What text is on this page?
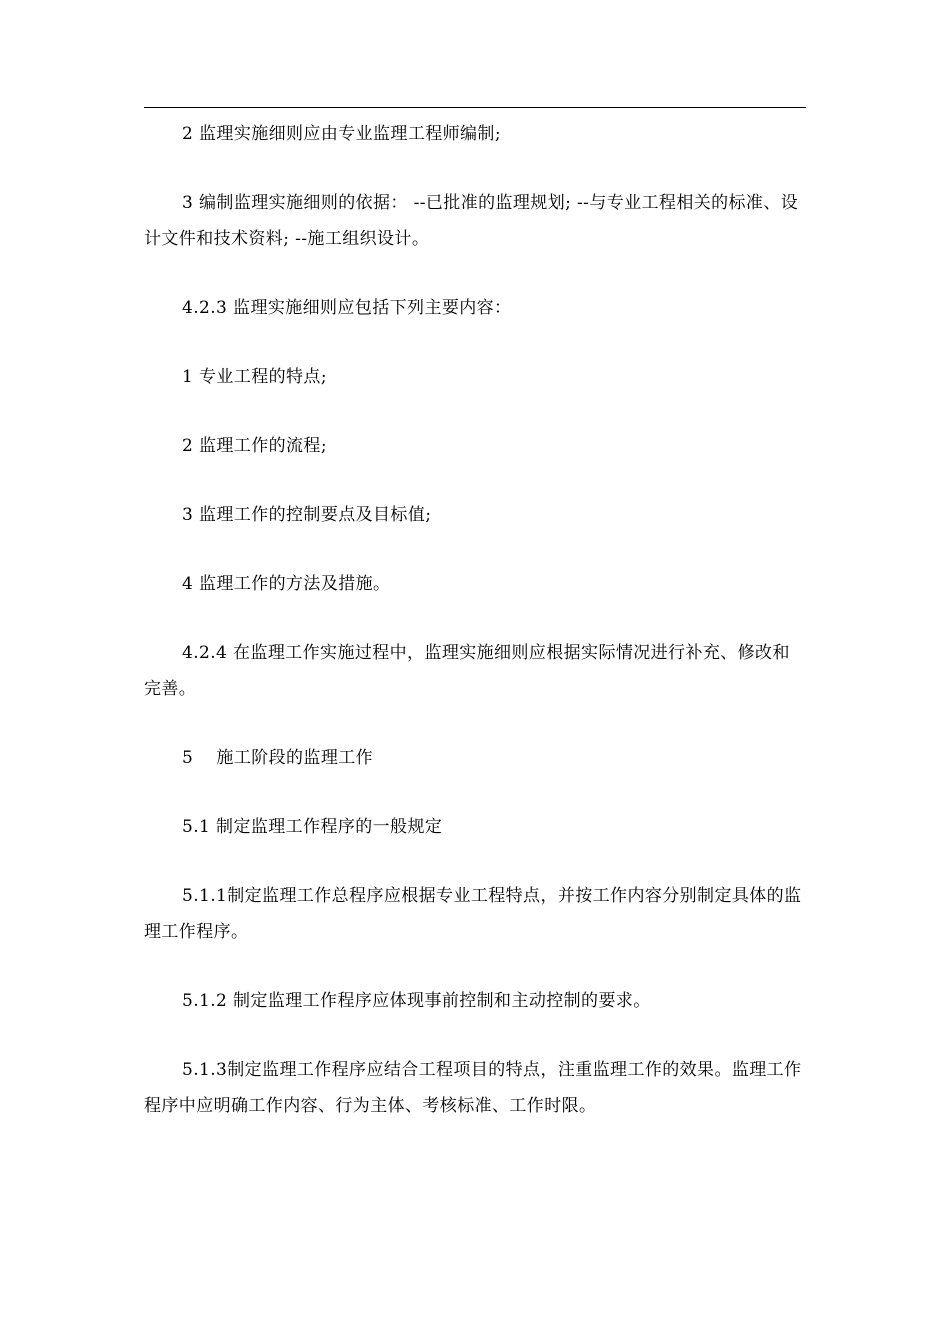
2 监理实施细则应由专业监理工程师编制;

3 编制监理实施细则的依据： --已批准的监理规划; --与专业工程相关的标准、设计文件和技术资料; --施工组织设计。

4.2.3 监理实施细则应包括下列主要内容：

1 专业工程的特点;

2 监理工作的流程;

3 监理工作的控制要点及目标值;

4 监理工作的方法及措施。

4.2.4 在监理工作实施过程中，监理实施细则应根据实际情况进行补充、修改和完善。

5　 施工阶段的监理工作

5.1 制定监理工作程序的一般规定

5.1.1制定监理工作总程序应根据专业工程特点，并按工作内容分别制定具体的监理工作程序。

5.1.2 制定监理工作程序应体现事前控制和主动控制的要求。

5.1.3制定监理工作程序应结合工程项目的特点，注重监理工作的效果。监理工作程序中应明确工作内容、行为主体、考核标准、工作时限。
